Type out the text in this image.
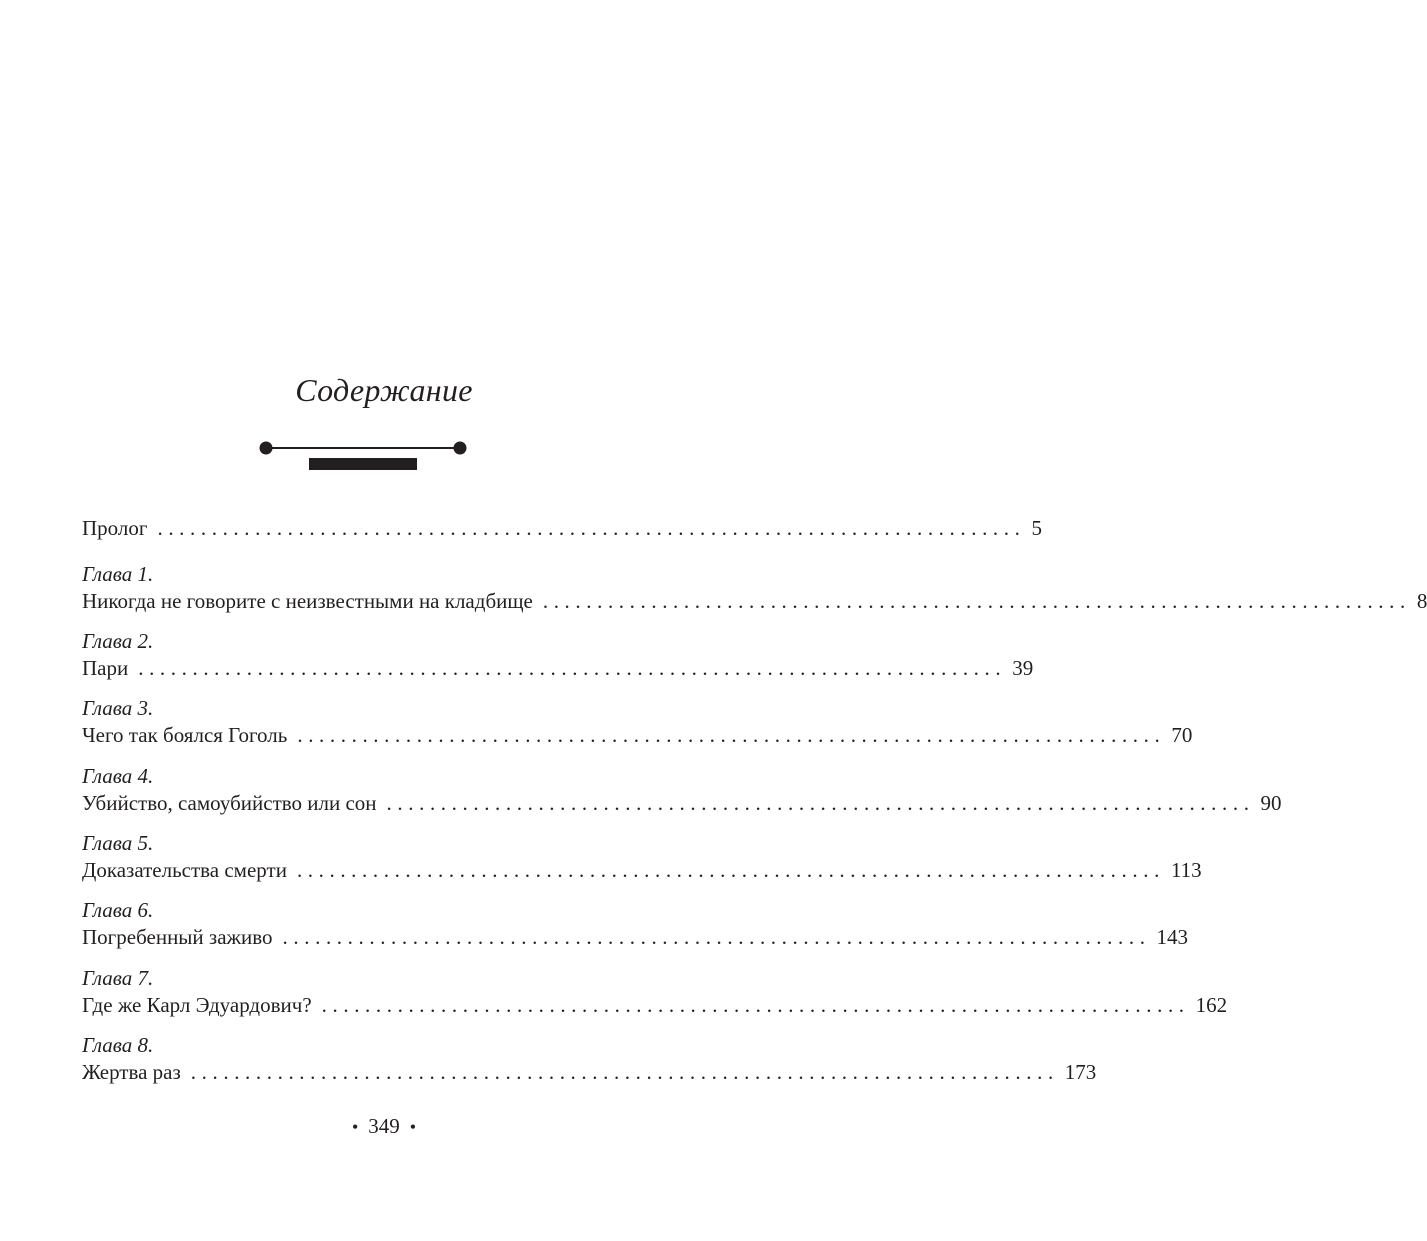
Содержание
Пролог ................................................................................ 5
Глава 1.
Никогда не говорите с неизвестными на кладбище ................................................................................ 8
Глава 2.
Пари ................................................................................ 39
Глава 3.
Чего так боялся Гоголь ................................................................................ 70
Глава 4.
Убийство, самоубийство или сон ................................................................................ 90
Глава 5.
Доказательства смерти ................................................................................ 113
Глава 6.
Погребенный заживо ................................................................................ 143
Глава 7.
Где же Карл Эдуардович? ................................................................................ 162
Глава 8.
Жертва раз ................................................................................ 173
• 349 •
